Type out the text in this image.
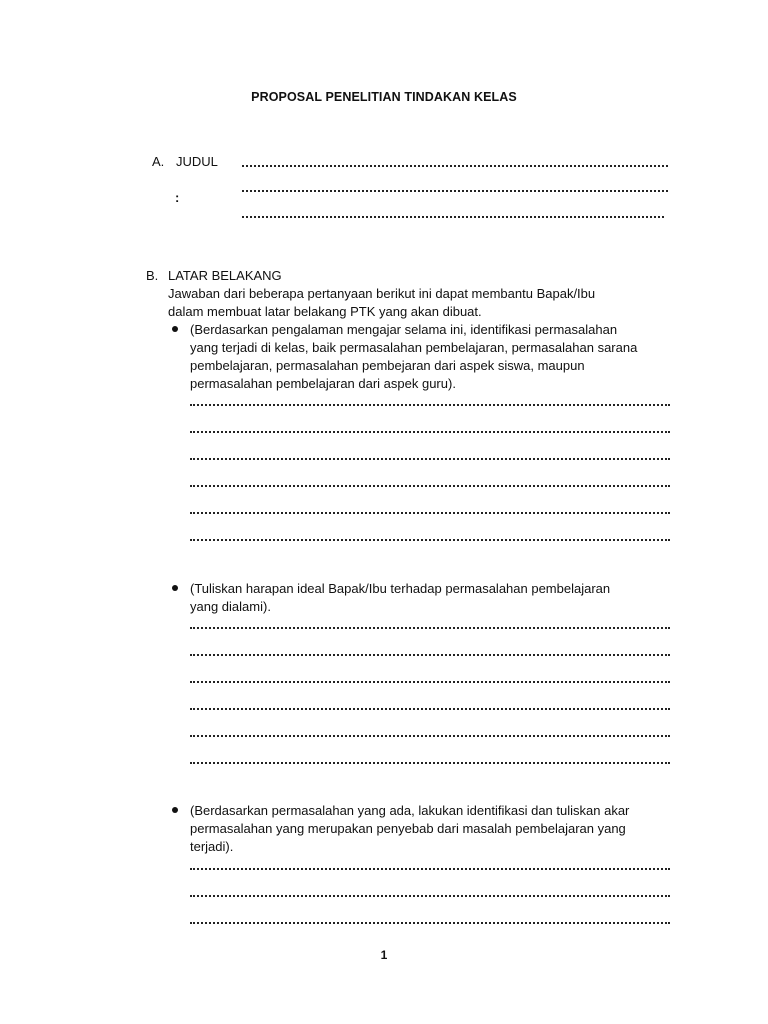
PROPOSAL PENELITIAN TINDAKAN KELAS
A. JUDUL
:
B. LATAR BELAKANG
Jawaban dari beberapa pertanyaan berikut ini dapat membantu Bapak/Ibu
dalam membuat latar belakang PTK yang akan dibuat.
(Berdasarkan pengalaman mengajar selama ini, identifikasi permasalahan
yang terjadi di kelas, baik permasalahan pembelajaran, permasalahan sarana
pembelajaran, permasalahan pembejaran dari aspek siswa, maupun
permasalahan pembelajaran dari aspek guru).
(Tuliskan harapan ideal Bapak/Ibu terhadap permasalahan pembelajaran
yang dialami).
(Berdasarkan permasalahan yang ada, lakukan identifikasi dan tuliskan akar
permasalahan yang merupakan penyebab dari masalah pembelajaran yang
terjadi).
1
